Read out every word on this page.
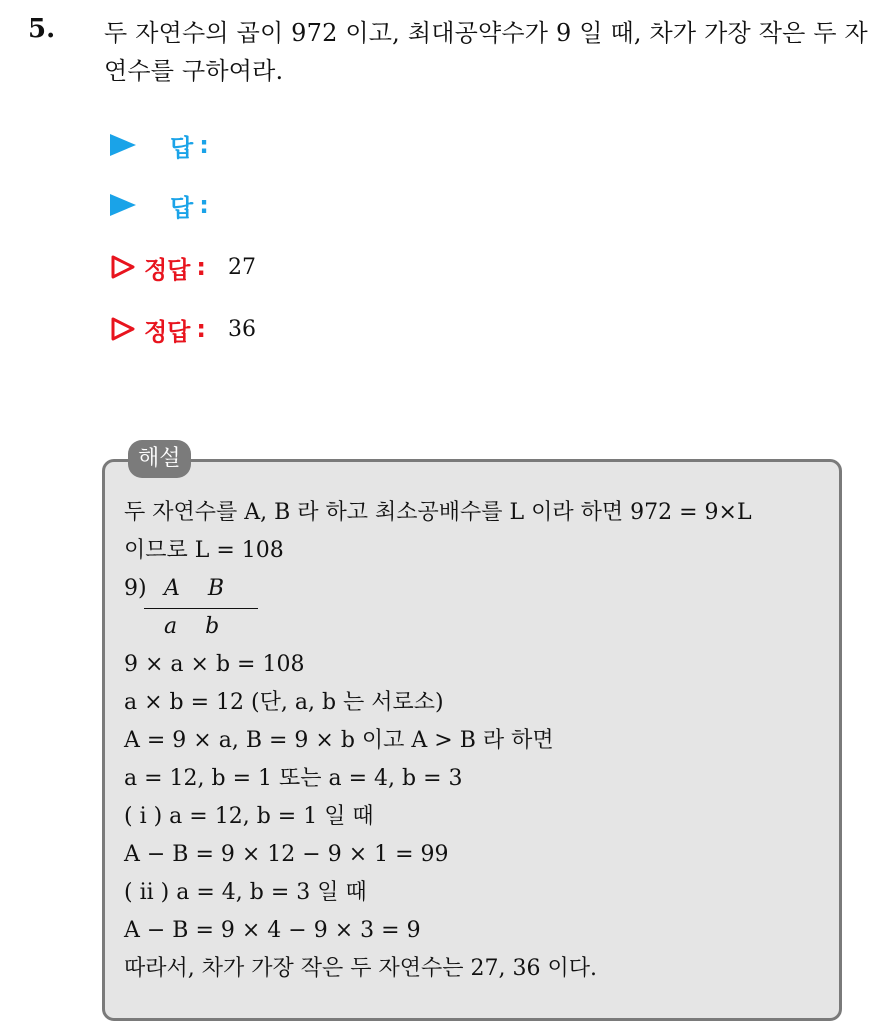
5. 두 자연수의 곱이 972 이고, 최대공약수가 9 일 때, 차가 가장 작은 두 자연수를 구하여라.
답 :
답 :
정답 : 27
정답 : 36
해설
두 자연수를 A, B 라 하고 최소공배수를 L 이라 하면 972 = 9×L
이므로 L = 108
9) A    B
a    b
9 × a × b = 108
a × b = 12 (단, a, b 는 서로소)
A = 9 × a, B = 9 × b 이고 A > B 라 하면
a = 12, b = 1 또는 a = 4, b = 3
( i ) a = 12, b = 1 일 때
A − B = 9 × 12 − 9 × 1 = 99
( ii ) a = 4, b = 3 일 때
A − B = 9 × 4 − 9 × 3 = 9
따라서, 차가 가장 작은 두 자연수는 27, 36 이다.
